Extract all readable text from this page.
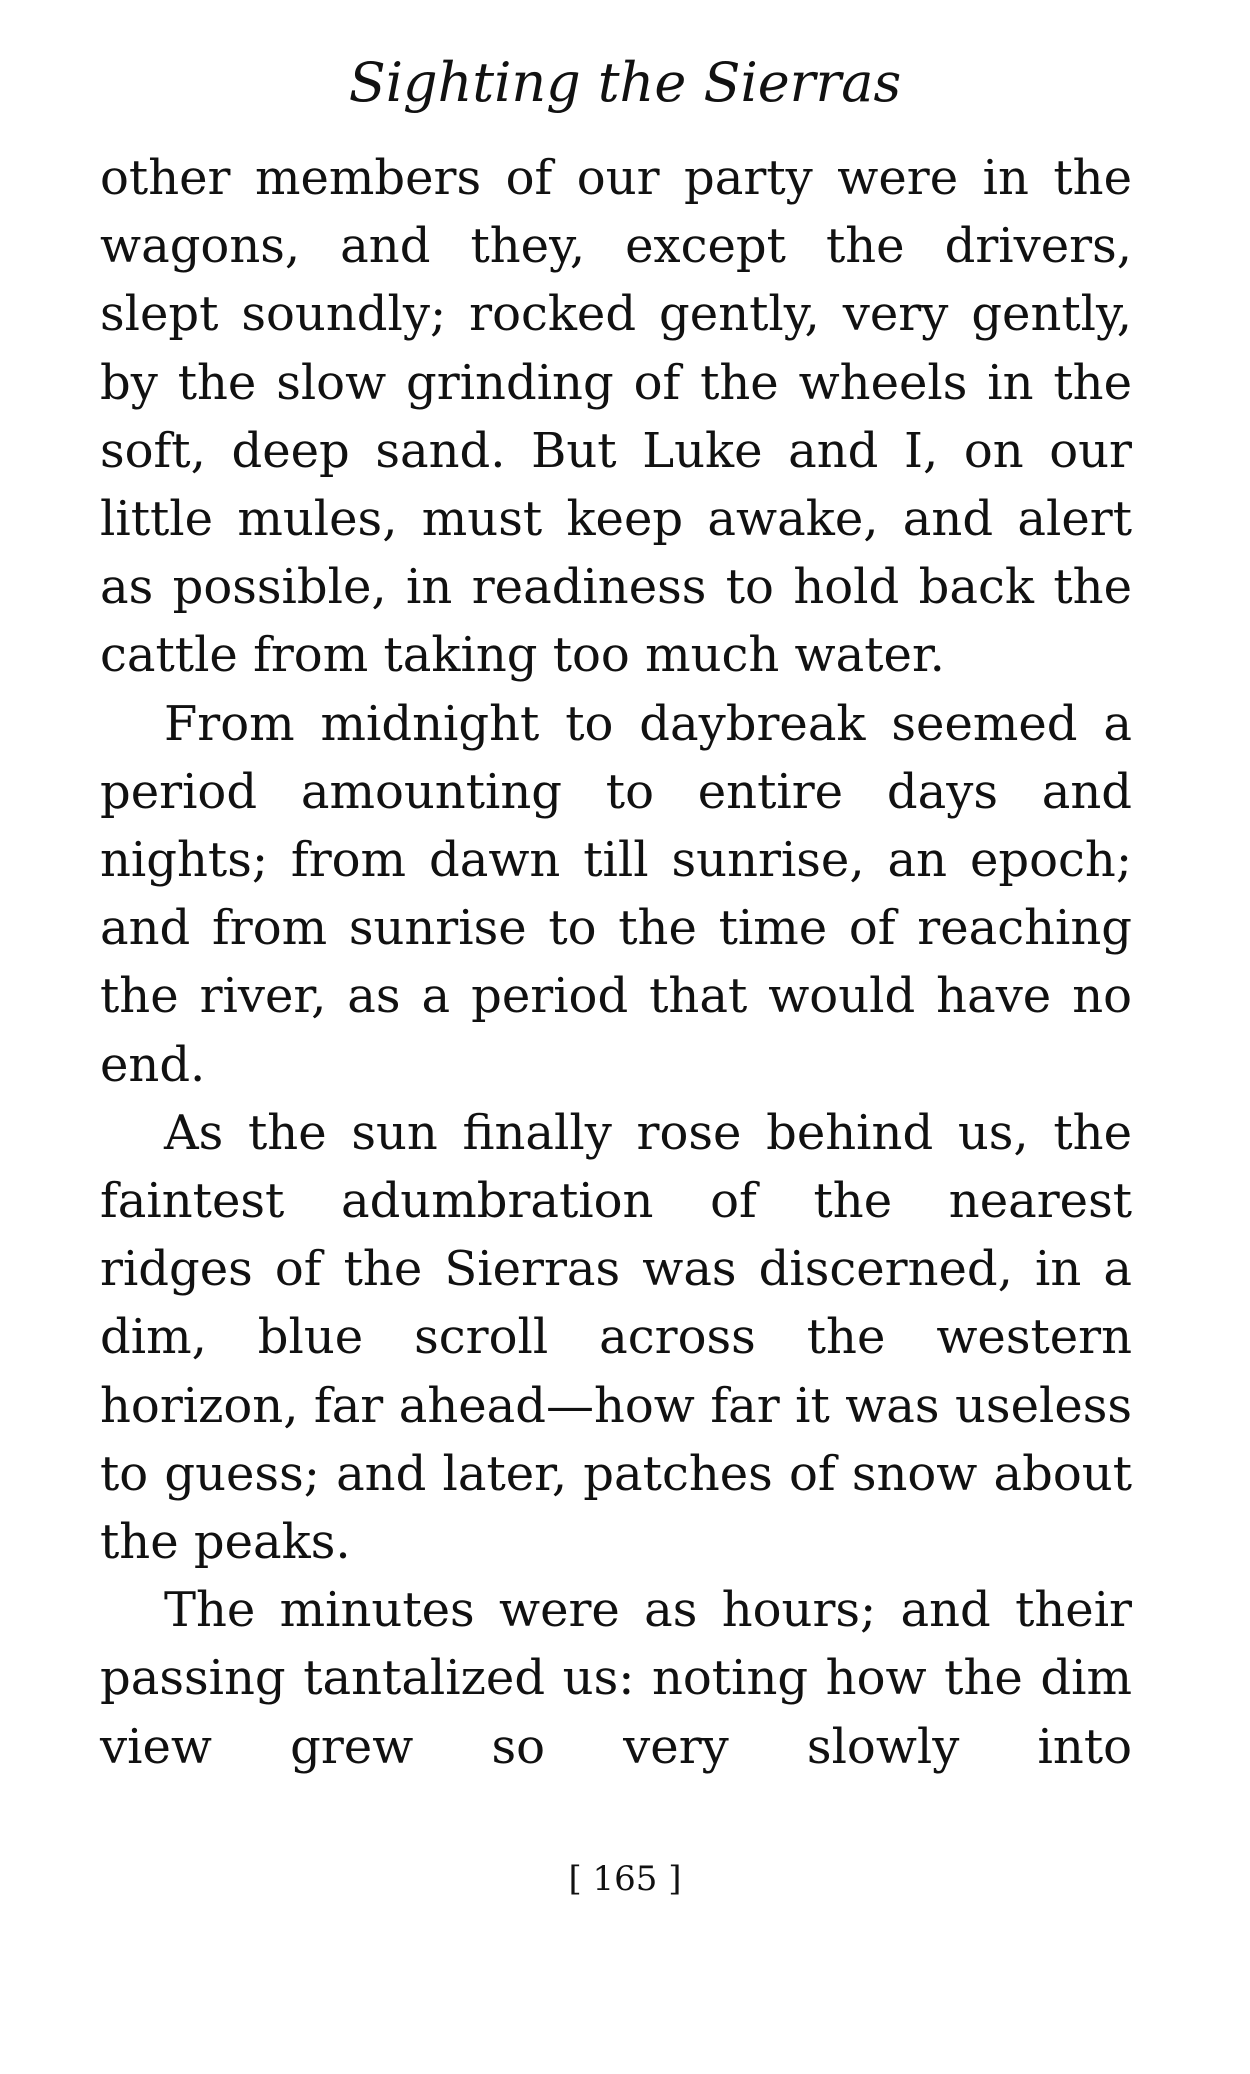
Sighting the Sierras

other members of our party were in the wagons, and they, except the drivers, slept soundly; rocked gently, very gently, by the slow grinding of the wheels in the soft, deep sand. But Luke and I, on our little mules, must keep awake, and alert as possible, in readiness to hold back the cattle from taking too much water.

From midnight to daybreak seemed a period amounting to entire days and nights; from dawn till sunrise, an epoch; and from sunrise to the time of reaching the river, as a period that would have no end.

As the sun finally rose behind us, the faintest adumbration of the nearest ridges of the Sierras was discerned, in a dim, blue scroll across the western horizon, far ahead—how far it was useless to guess; and later, patches of snow about the peaks.

The minutes were as hours; and their passing tantalized us: noting how the dim view grew so very slowly into

[ 165 ]
